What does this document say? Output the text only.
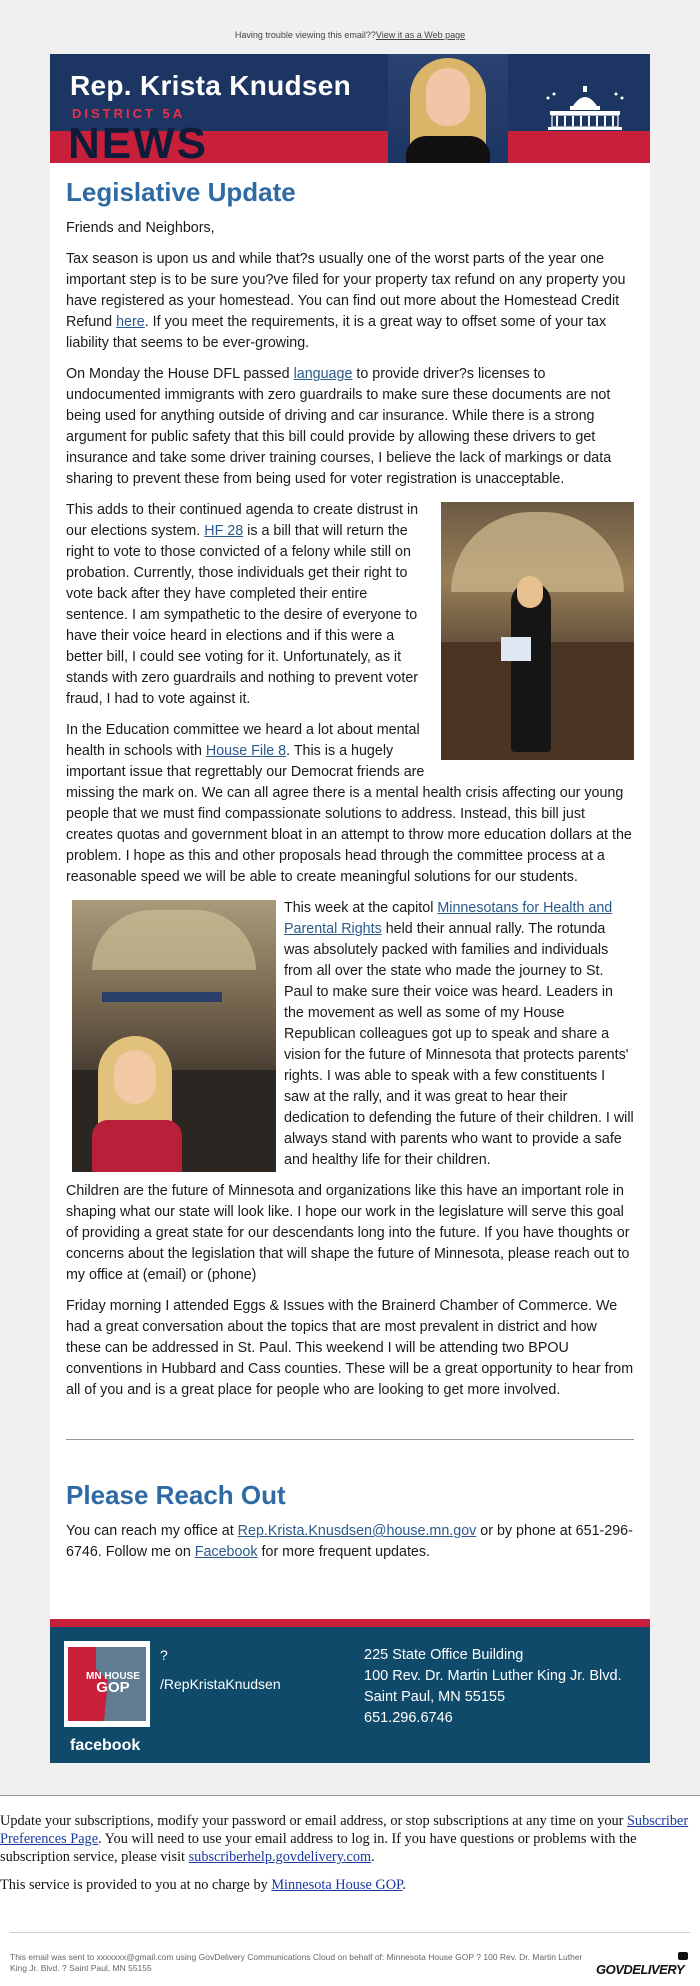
Having trouble viewing this email??View it as a Web page
Rep. Krista Knudsen
DISTRICT 5A
NEWS
Legislative Update

Friends and Neighbors,

Tax season is upon us and while that?s usually one of the worst parts of the year one important step is to be sure you?ve filed for your property tax refund on any property you have registered as your homestead. You can find out more about the Homestead Credit Refund here. If you meet the requirements, it is a great way to offset some of your tax liability that seems to be ever-growing.

On Monday the House DFL passed language to provide driver?s licenses to undocumented immigrants with zero guardrails to make sure these documents are not being used for anything outside of driving and car insurance. While there is a strong argument for public safety that this bill could provide by allowing these drivers to get insurance and take some driver training courses, I believe the lack of markings or data sharing to prevent these from being used for voter registration is unacceptable.

This adds to their continued agenda to create distrust in our elections system. HF 28 is a bill that will return the right to vote to those convicted of a felony while still on probation. Currently, those individuals get their right to vote back after they have completed their entire sentence. I am sympathetic to the desire of everyone to have their voice heard in elections and if this were a better bill, I could see voting for it. Unfortunately, as it stands with zero guardrails and nothing to prevent voter fraud, I had to vote against it.

In the Education committee we heard a lot about mental health in schools with House File 8. This is a hugely important issue that regrettably our Democrat friends are missing the mark on. We can all agree there is a mental health crisis affecting our young people that we must find compassionate solutions to address. Instead, this bill just creates quotas and government bloat in an attempt to throw more education dollars at the problem. I hope as this and other proposals head through the committee process at a reasonable speed we will be able to create meaningful solutions for our students.

This week at the capitol Minnesotans for Health and Parental Rights held their annual rally. The rotunda was absolutely packed with families and individuals from all over the state who made the journey to St. Paul to make sure their voice was heard. Leaders in the movement as well as some of my House Republican colleagues got up to speak and share a vision for the future of Minnesota that protects parents' rights. I was able to speak with a few constituents I saw at the rally, and it was great to hear their dedication to defending the future of their children. I will always stand with parents who want to provide a safe and healthy life for their children.

Children are the future of Minnesota and organizations like this have an important role in shaping what our state will look like. I hope our work in the legislature will serve this goal of providing a great state for our descendants long into the future. If you have thoughts or concerns about the legislation that will shape the future of Minnesota, please reach out to my office at (email) or (phone)

Friday morning I attended Eggs & Issues with the Brainerd Chamber of Commerce. We had a great conversation about the topics that are most prevalent in district and how these can be addressed in St. Paul. This weekend I will be attending two BPOU conventions in Hubbard and Cass counties. These will be a great opportunity to hear from all of you and is a great place for people who are looking to get more involved.

Please Reach Out

You can reach my office at Rep.Krista.Knusdsen@house.mn.gov or by phone at 651-296-6746. Follow me on Facebook for more frequent updates.

MN HOUSE
GOP
facebook
?
/RepKristaKnudsen
225 State Office Building
100 Rev. Dr. Martin Luther King Jr. Blvd.
Saint Paul, MN 55155
651.296.6746

Update your subscriptions, modify your password or email address, or stop subscriptions at any time on your Subscriber Preferences Page. You will need to use your email address to log in. If you have questions or problems with the subscription service, please visit subscriberhelp.govdelivery.com.

This service is provided to you at no charge by Minnesota House GOP.

This email was sent to xxxxxxx@gmail.com using GovDelivery Communications Cloud on behalf of: Minnesota House GOP ? 100 Rev. Dr. Martin Luther King Jr. Blvd. ? Saint Paul, MN 55155	GOVDELIVERY
